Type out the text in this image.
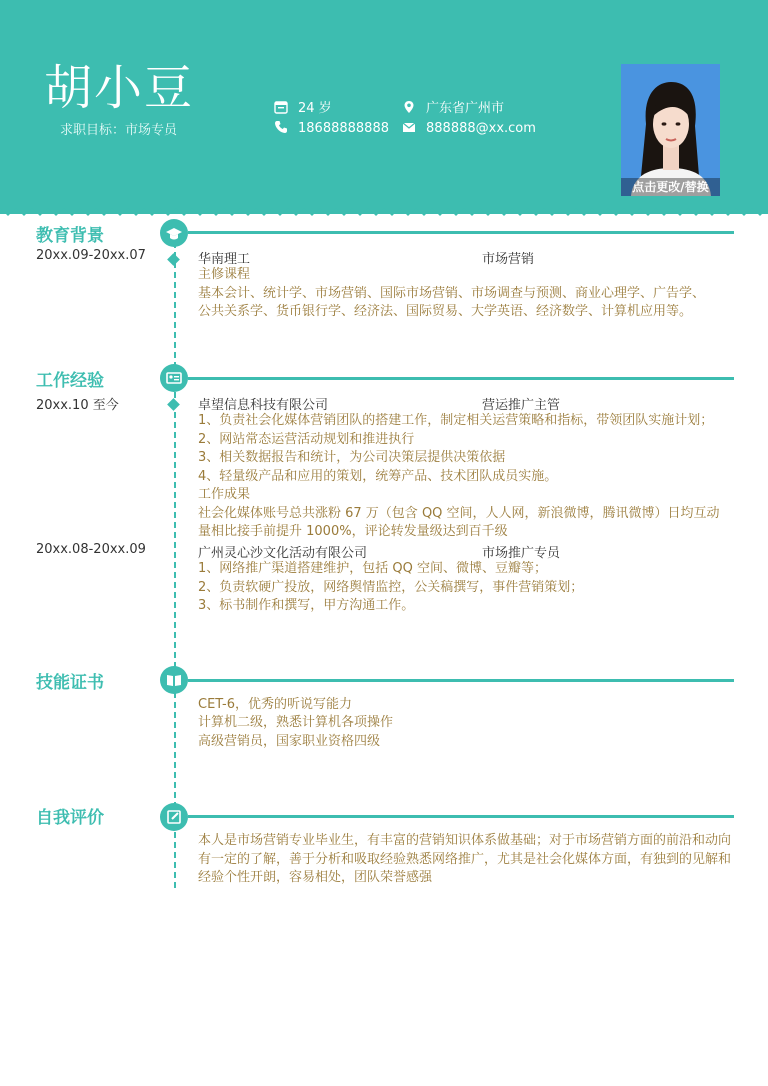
胡小豆
求职目标：市场专员
24 岁	广东省广州市
18688888888	888888@xx.com
点击更改/替换
教育背景
20xx.09-20xx.07	华南理工	市场营销
主修课程
基本会计、统计学、市场营销、国际市场营销、市场调查与预测、商业心理学、广告学、
公共关系学、货币银行学、经济法、国际贸易、大学英语、经济数学、计算机应用等。
工作经验
20xx.10 至今	卓望信息科技有限公司	营运推广主管
1、负责社会化媒体营销团队的搭建工作，制定相关运营策略和指标，带领团队实施计划；
2、网站常态运营活动规划和推进执行
3、相关数据报告和统计，为公司决策层提供决策依据
4、轻量级产品和应用的策划，统筹产品、技术团队成员实施。
工作成果
社会化媒体账号总共涨粉 67 万（包含 QQ 空间，人人网，新浪微博，腾讯微博）日均互动
量相比接手前提升 1000%，评论转发量级达到百千级
20xx.08-20xx.09	广州灵心沙文化活动有限公司	市场推广专员
1、网络推广渠道搭建维护，包括 QQ 空间、微博、豆瓣等；
2、负责软硬广投放，网络舆情监控，公关稿撰写，事件营销策划；
3、标书制作和撰写，甲方沟通工作。
技能证书
CET-6，优秀的听说写能力
计算机二级，熟悉计算机各项操作
高级营销员，国家职业资格四级
自我评价
本人是市场营销专业毕业生，有丰富的营销知识体系做基础；对于市场营销方面的前沿和动向有一定的了解，善于分析和吸取经验熟悉网络推广，尤其是社会化媒体方面，有独到的见解和经验个性开朗，容易相处，团队荣誉感强
